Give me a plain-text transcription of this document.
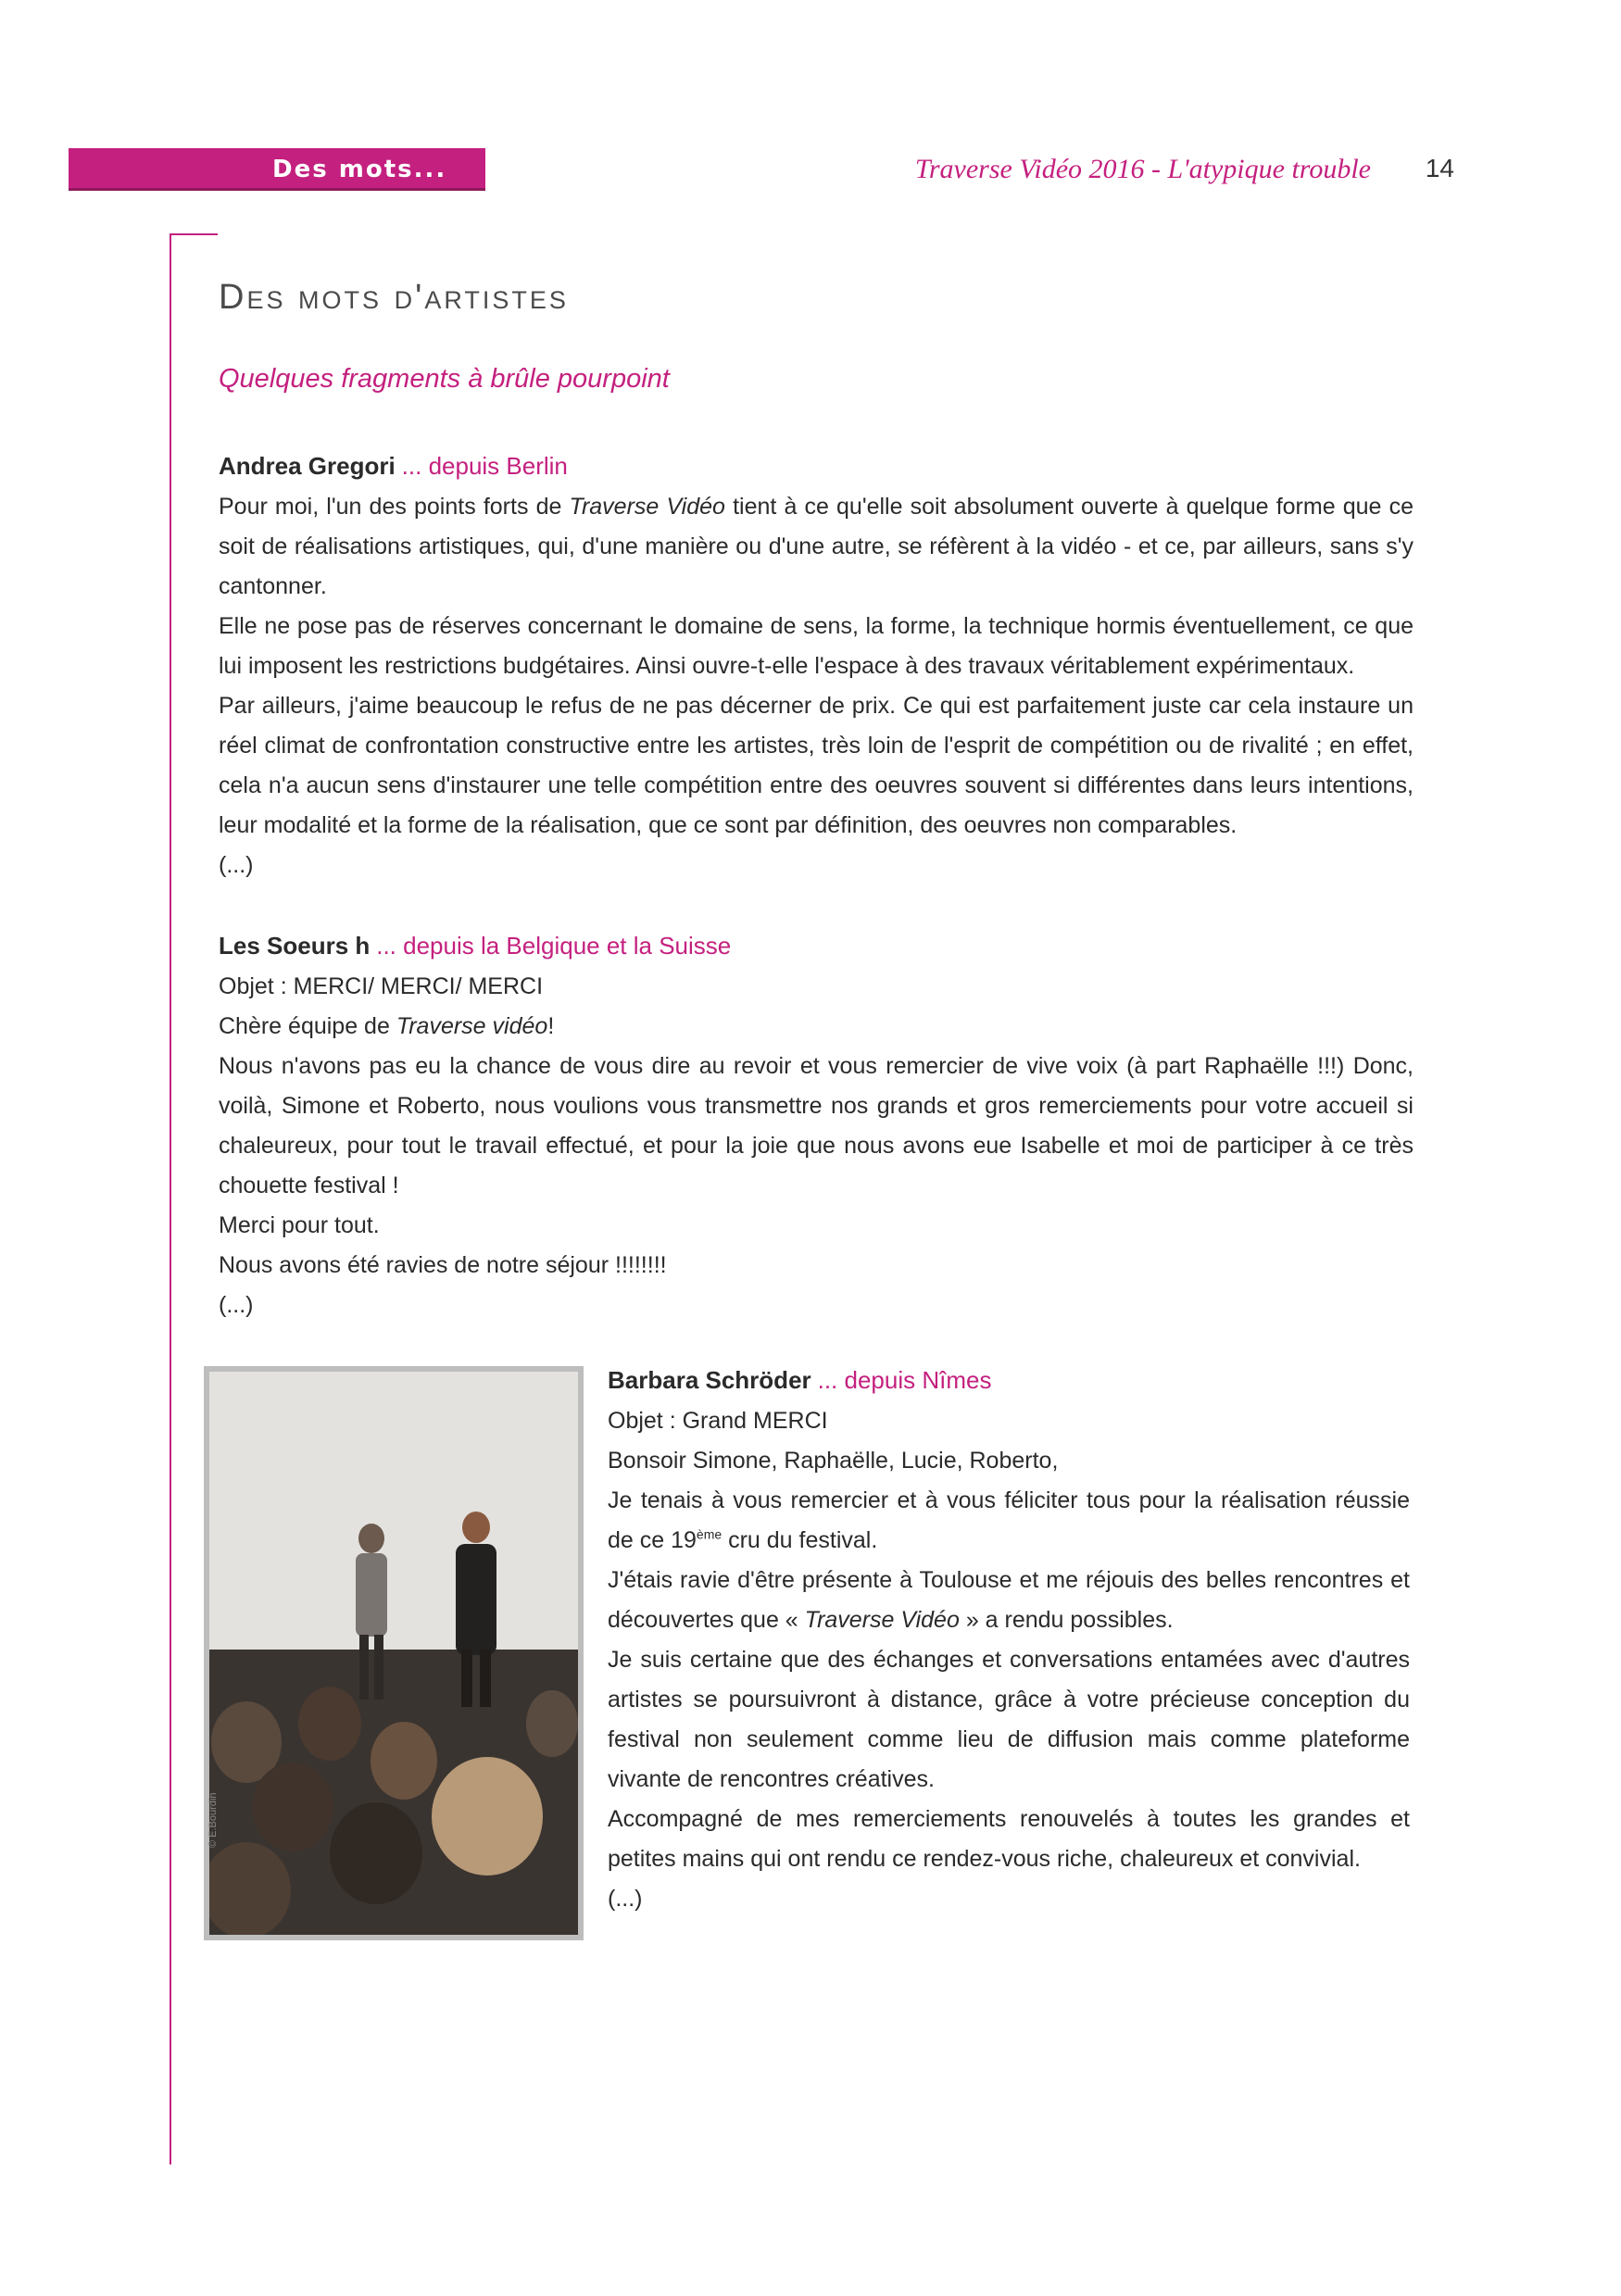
Des mots...	Traverse Vidéo 2016 - L'atypique trouble 14
Des mots d'artistes
Quelques fragments à brûle pourpoint

Andrea Gregori ... depuis Berlin

Pour moi, l'un des points forts de Traverse Vidéo tient à ce qu'elle soit absolument ouverte à quelque forme que ce soit de réalisations artistiques, qui, d'une manière ou d'une autre, se réfèrent à la vidéo - et ce, par ailleurs, sans s'y cantonner.

Elle ne pose pas de réserves concernant le domaine de sens, la forme, la technique hormis éventuellement, ce que lui imposent les restrictions budgétaires. Ainsi ouvre-t-elle l'espace à des travaux véritablement expérimentaux.

Par ailleurs, j'aime beaucoup le refus de ne pas décerner de prix. Ce qui est parfaitement juste car cela instaure un réel climat de confrontation constructive entre les artistes, très loin de l'esprit de compétition ou de rivalité ; en effet, cela n'a aucun sens d'instaurer une telle compétition entre des oeuvres souvent si différentes dans leurs intentions, leur modalité et la forme de la réalisation, que ce sont par définition, des oeuvres non comparables.

(...)

Les Soeurs h ... depuis la Belgique et la Suisse

Objet : MERCI/ MERCI/ MERCI

Chère équipe de Traverse vidéo!

Nous n'avons pas eu la chance de vous dire au revoir et vous remercier de vive voix (à part Raphaëlle !!!) Donc, voilà, Simone et Roberto, nous voulions vous transmettre nos grands et gros remerciements pour votre accueil si chaleureux, pour tout le travail effectué, et pour la joie que nous avons eue Isabelle et moi de participer à ce très chouette festival !

Merci pour tout.

Nous avons été ravies de notre séjour !!!!!!!!

(...)

© E.Bourdin

Barbara Schröder ... depuis Nîmes

Objet : Grand MERCI

Bonsoir Simone, Raphaëlle, Lucie, Roberto,

Je tenais à vous remercier et à vous féliciter tous pour la réalisation réussie de ce 19ème cru du festival.

J'étais ravie d'être présente à Toulouse et me réjouis des belles rencontres et découvertes que « Traverse Vidéo » a rendu possibles.

Je suis certaine que des échanges et conversations entamées avec d'autres artistes se poursuivront à distance, grâce à votre précieuse conception du festival non seulement comme lieu de diffusion mais comme plateforme vivante de rencontres créatives.

Accompagné de mes remerciements renouvelés à toutes les grandes et petites mains qui ont rendu ce rendez-vous riche, chaleureux et convivial.

(...)
